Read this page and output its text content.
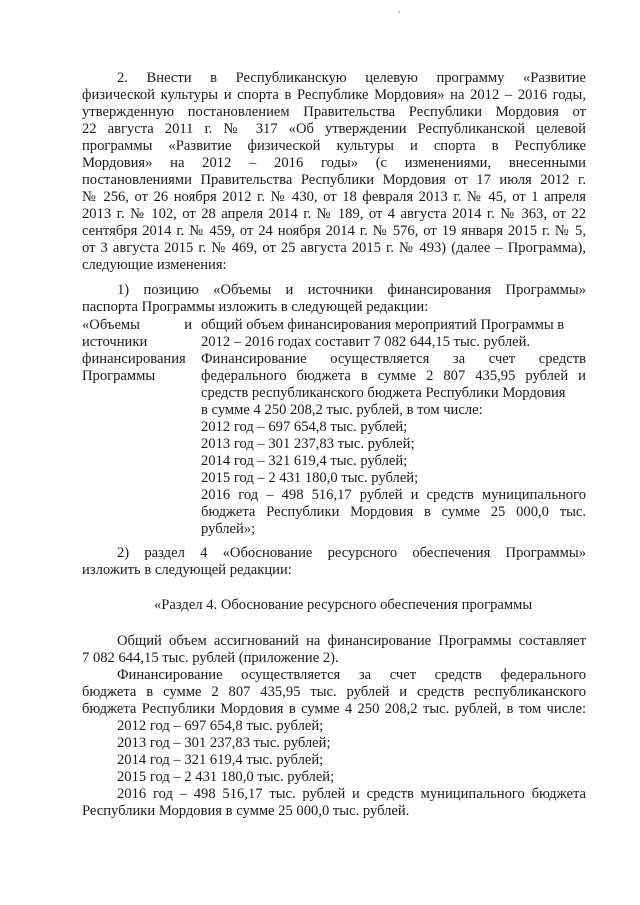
2. Внести в Республиканскую целевую программу «Развитие
физической культуры и спорта в Республике Мордовия» на 2012 – 2016 годы,
утвержденную постановлением Правительства Республики Мордовия от
22 августа 2011 г. № 317 «Об утверждении Республиканской целевой
программы «Развитие физической культуры и спорта в Республике
Мордовия» на 2012 – 2016 годы» (с изменениями, внесенными
постановлениями Правительства Республики Мордовия от 17 июля 2012 г.
№ 256, от 26 ноября 2012 г. № 430, от 18 февраля 2013 г. № 45, от 1 апреля
2013 г. № 102, от 28 апреля 2014 г. № 189, от 4 августа 2014 г. № 363, от 22
сентября 2014 г. № 459, от 24 ноября 2014 г. № 576, от 19 января 2015 г. № 5,
от 3 августа 2015 г. № 469, от 25 августа 2015 г. № 493) (далее – Программа),
следующие изменения:
1) позицию «Объемы и источники финансирования Программы»
паспорта Программы изложить в следующей редакции:
«Объемы и
источники
финансирования
Программы
общий объем финансирования мероприятий Программы в
2012 – 2016 годах составит 7 082 644,15 тыс. рублей.
Финансирование осуществляется за счет средств
федерального бюджета в сумме 2 807 435,95 рублей и
средств республиканского бюджета Республики Мордовия
в сумме 4 250 208,2 тыс. рублей, в том числе:
2012 год – 697 654,8 тыс. рублей;
2013 год – 301 237,83 тыс. рублей;
2014 год – 321 619,4 тыс. рублей;
2015 год – 2 431 180,0 тыс. рублей;
2016 год – 498 516,17 рублей и средств муниципального
бюджета Республики Мордовия в сумме 25 000,0 тыс.
рублей»;
2) раздел 4 «Обоснование ресурсного обеспечения Программы»
изложить в следующей редакции:
«Раздел 4. Обоснование ресурсного обеспечения программы
Общий объем ассигнований на финансирование Программы составляет
7 082 644,15 тыс. рублей (приложение 2).
Финансирование осуществляется за счет средств федерального
бюджета в сумме 2 807 435,95 тыс. рублей и средств республиканского
бюджета Республики Мордовия в сумме 4 250 208,2 тыс. рублей, в том числе:
2012 год – 697 654,8 тыс. рублей;
2013 год – 301 237,83 тыс. рублей;
2014 год – 321 619,4 тыс. рублей;
2015 год – 2 431 180,0 тыс. рублей;
2016 год – 498 516,17 тыс. рублей и средств муниципального бюджета
Республики Мордовия в сумме 25 000,0 тыс. рублей.
